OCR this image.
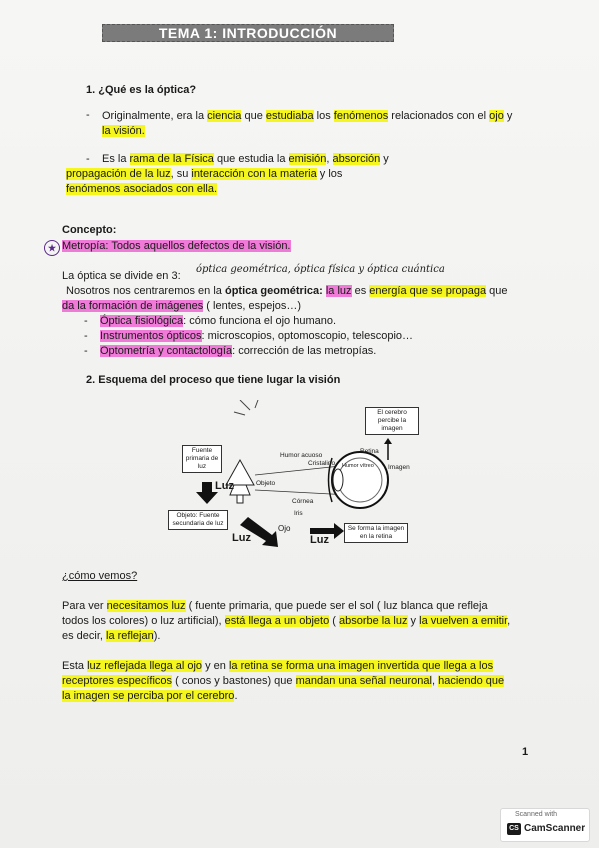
TEMA 1: INTRODUCCIÓN
1. ¿Qué es la óptica?
- Originalmente, era la ciencia que estudiaba los fenómenos relacionados con el ojo y
la visión.
- Es la rama de la Física que estudia la emisión, absorción y
propagación de la luz, su interacción con la materia y los
fenómenos asociados con ella.
Concepto:
★ Metropía: Todos aquellos defectos de la visión.
La óptica se divide en 3:
óptica geométrica, óptica física y óptica cuántica
Nosotros nos centraremos en la óptica geométrica: la luz es energía que se propaga que
da la formación de imágenes ( lentes, espejos…)
- Óptica fisiológica: cómo funciona el ojo humano.
- Instrumentos ópticos: microscopios, optomoscopio, telescopio…
- Optometría y contactología: corrección de las metropías.
2. Esquema del proceso que tiene lugar la visión
El cerebro percibe la imagen
Fuente primaria de luz
Luz	Objeto
Objeto: Fuente secundaria de luz
Luz
Ojo
Luz
Se forma la imagen en la retina
Humor acuoso
Cristalino Humor vítreo
Retina
Imagen
Córnea
Iris
¿cómo vemos?
Para ver necesitamos luz ( fuente primaria, que puede ser el sol ( luz blanca que refleja
todos los colores) o luz artificial), está llega a un objeto ( absorbe la luz y la vuelven a emitir,
es decir, la reflejan).
Esta luz reflejada llega al ojo y en la retina se forma una imagen invertida que llega a los
receptores específicos ( conos y bastones) que mandan una señal neuronal, haciendo que
la imagen se perciba por el cerebro.
1
Scanned with
CS CamScanner
